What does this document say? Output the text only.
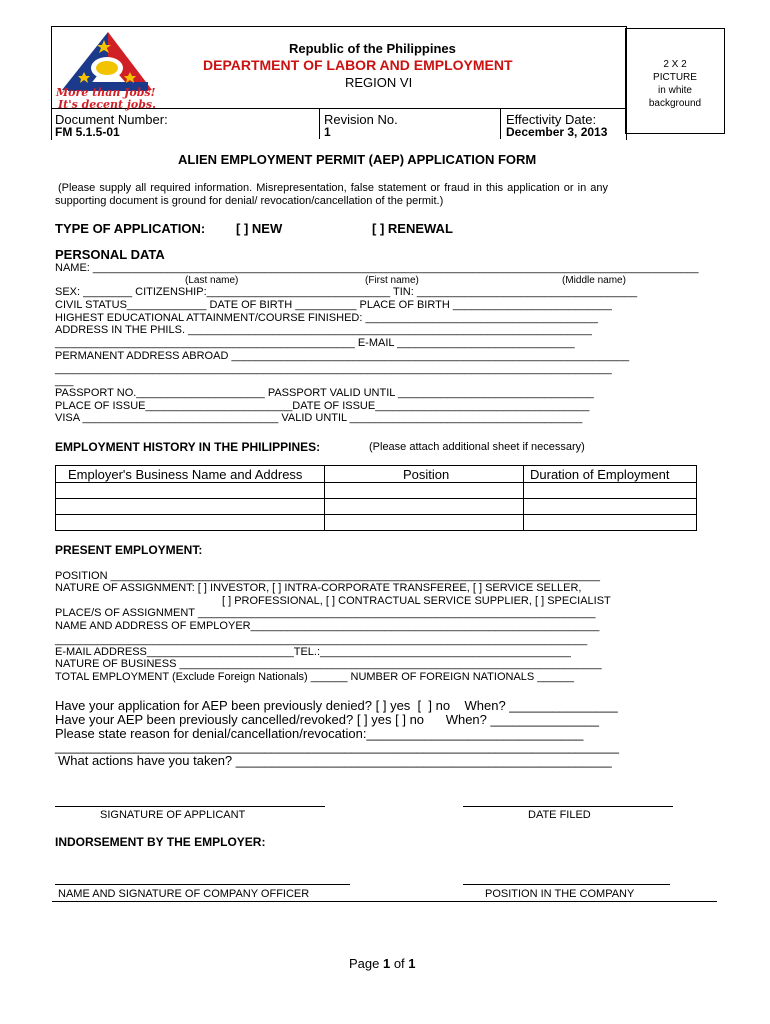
More than Jobs!
It's decent jobs.
Republic of the Philippines
DEPARTMENT OF LABOR AND EMPLOYMENT
REGION VI
2 X 2
PICTURE
in white
background
Document Number:
FM 5.1.5-01
Revision No.
1
Effectivity Date:
December 3, 2013
ALIEN EMPLOYMENT PERMIT (AEP) APPLICATION FORM
(Please supply all required information. Misrepresentation, false statement or fraud in this application or in any
supporting document is ground for denial/ revocation/cancellation of the permit.)
TYPE OF APPLICATION: [ ] NEW	[ ] RENEWAL
PERSONAL DATA
NAME: ___________________________________________________________________________________________________
(Last name)	(First name)	(Middle name)
SEX: ________ CITIZENSHIP:______________________________ TIN: ____________________________________
CIVIL STATUS_____________ DATE OF BIRTH __________ PLACE OF BIRTH __________________________
HIGHEST EDUCATIONAL ATTAINMENT/COURSE FINISHED: ______________________________________
ADDRESS IN THE PHILS. __________________________________________________________________
_________________________________________________ E-MAIL _____________________________
PERMANENT ADDRESS ABROAD _________________________________________________________________
___________________________________________________________________________________________
___
PASSPORT NO._____________________ PASSPORT VALID UNTIL ________________________________
PLACE OF ISSUE________________________DATE OF ISSUE___________________________________
VISA ________________________________ VALID UNTIL ______________________________________
EMPLOYMENT HISTORY IN THE PHILIPPINES:	(Please attach additional sheet if necessary)
Employer's Business Name and Address	Position	Duration of Employment
PRESENT EMPLOYMENT:
POSITION ________________________________________________________________________________
NATURE OF ASSIGNMENT: [ ] INVESTOR, [ ] INTRA-CORPORATE TRANSFEREE, [ ] SERVICE SELLER,
[ ] PROFESSIONAL, [ ] CONTRACTUAL SERVICE SUPPLIER, [ ] SPECIALIST
PLACE/S OF ASSIGNMENT _________________________________________________________________
NAME AND ADDRESS OF EMPLOYER_________________________________________________________
_______________________________________________________________________________________
E-MAIL ADDRESS________________________TEL.:_________________________________________
NATURE OF BUSINESS _____________________________________________________________________
TOTAL EMPLOYMENT (Exclude Foreign Nationals) ______ NUMBER OF FOREIGN NATIONALS ______
Have your application for AEP been previously denied? [ ] yes  [  ] no    When? _______________
Have your AEP been previously cancelled/revoked? [ ] yes [ ] no      When? _______________
Please state reason for denial/cancellation/revocation:______________________________
______________________________________________________________________________
What actions have you taken? ____________________________________________________
SIGNATURE OF APPLICANT	DATE FILED
INDORSEMENT BY THE EMPLOYER:
NAME AND SIGNATURE OF COMPANY OFFICER	POSITION IN THE COMPANY
Page 1 of 1
